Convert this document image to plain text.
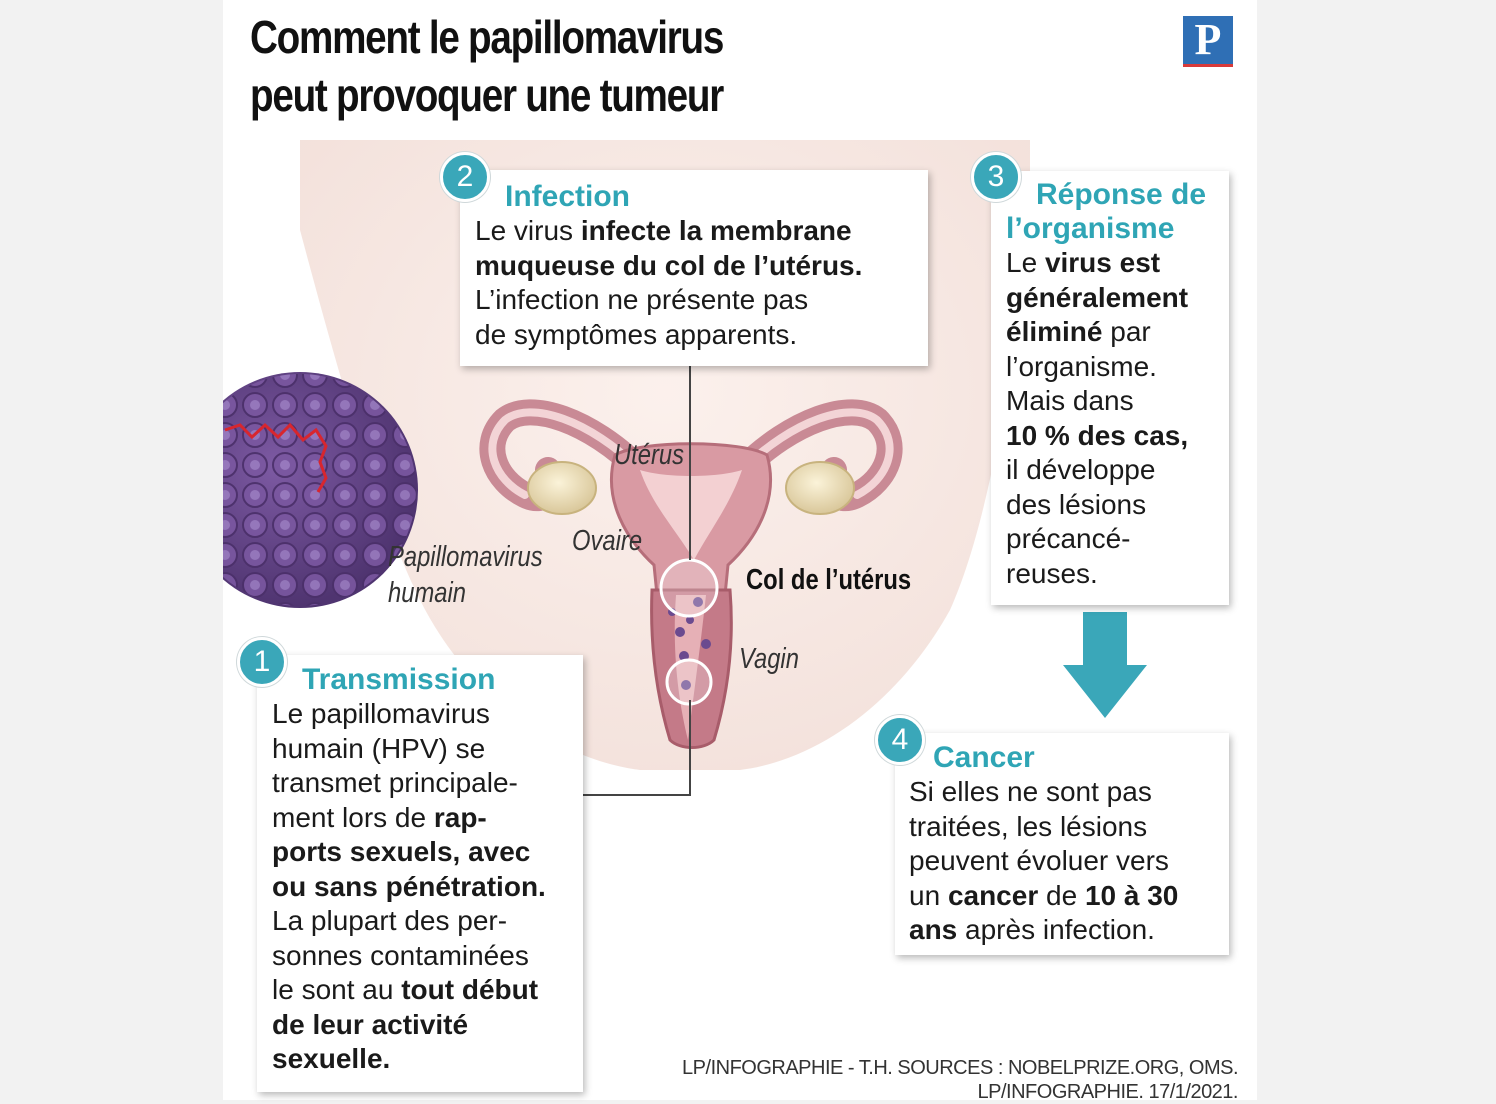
Comment le papillomavirus
peut provoquer une tumeur
P
Utérus
Ovaire
Col de l’utérus
Vagin
Papillomavirus
humain
Infection
Le virus infecte la membrane
muqueuse du col de l’utérus.
L’infection ne présente pas
de symptômes apparents.
2
Réponse de
l’organisme
Le virus est
généralement
éliminé par
l’organisme.
Mais dans
10 % des cas,
il développe
des lésions
précancé-
reuses.
3
Transmission
Le papillomavirus
humain (HPV) se
transmet principale-
ment lors de rap-
ports sexuels, avec
ou sans pénétration.
La plupart des per-
sonnes contaminées
le sont au tout début
de leur activité
sexuelle.
1
Cancer
Si elles ne sont pas
traitées, les lésions
peuvent évoluer vers
un cancer de 10 à 30
ans après infection.
4
LP/INFOGRAPHIE - T.H. SOURCES : NOBELPRIZE.ORG, OMS.
LP/INFOGRAPHIE. 17/1/2021.
